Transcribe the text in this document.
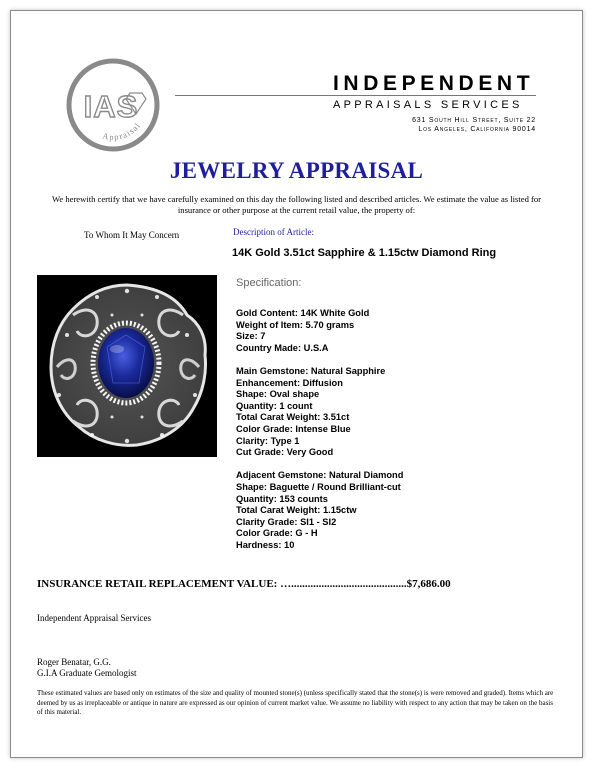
IAS
Appraisal
INDEPENDENT
APPRAISALS SERVICES
631 South Hill Street, Suite 22
Los Angeles, California 90014
JEWELRY APPRAISAL
We herewith certify that we have carefully examined on this day the following listed and described articles. We estimate the value as listed for insurance or other purpose at the current retail value, the property of:
To Whom It May Concern	Description of Article:
14K Gold 3.51ct Sapphire & 1.15ctw Diamond Ring
Specification:
Gold Content: 14K White Gold
Weight of Item: 5.70 grams
Size: 7
Country Made: U.S.A
Main Gemstone: Natural Sapphire
Enhancement: Diffusion
Shape: Oval shape
Quantity: 1 count
Total Carat Weight: 3.51ct
Color Grade: Intense Blue
Clarity: Type 1
Cut Grade: Very Good
Adjacent Gemstone: Natural Diamond
Shape: Baguette / Round Brilliant-cut
Quantity: 153 counts
Total Carat Weight: 1.15ctw
Clarity Grade: SI1 - SI2
Color Grade: G - H
Hardness: 10
INSURANCE RETAIL REPLACEMENT VALUE: …..........................................$7,686.00
Independent Appraisal Services
Roger Benatar, G.G.
G.I.A Graduate Gemologist
These estimated values are based only on estimates of the size and quality of mounted stone(s) (unless specifically stated that the stone(s) is were removed and graded). Items which are deemed by us as irreplaceable or antique in nature are expressed as our opinion of current market value. We assume no liability with respect to any action that may be taken on the basis of this material.
